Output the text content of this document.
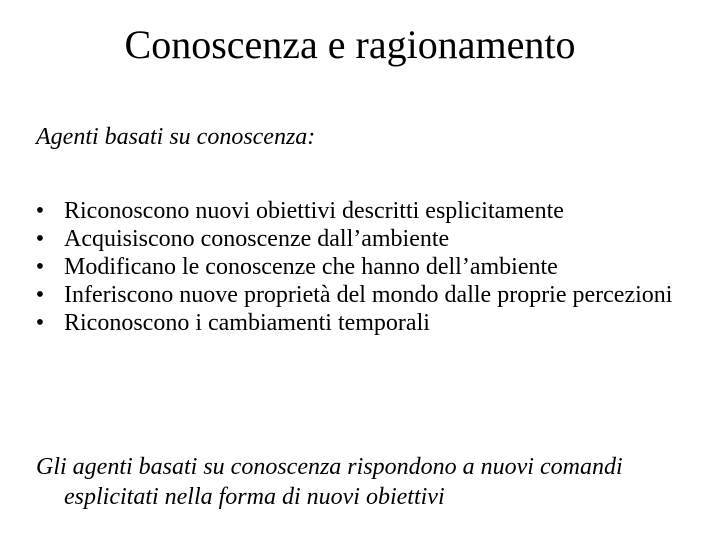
Conoscenza e ragionamento
Agenti basati su conoscenza:
• Riconoscono nuovi obiettivi descritti esplicitamente
• Acquisiscono conoscenze dall’ambiente
• Modificano le conoscenze che hanno dell’ambiente
• Inferiscono nuove proprietà del mondo dalle proprie percezioni
• Riconoscono i cambiamenti temporali
Gli agenti basati su conoscenza rispondono a nuovi comandi esplicitati nella forma di nuovi obiettivi
